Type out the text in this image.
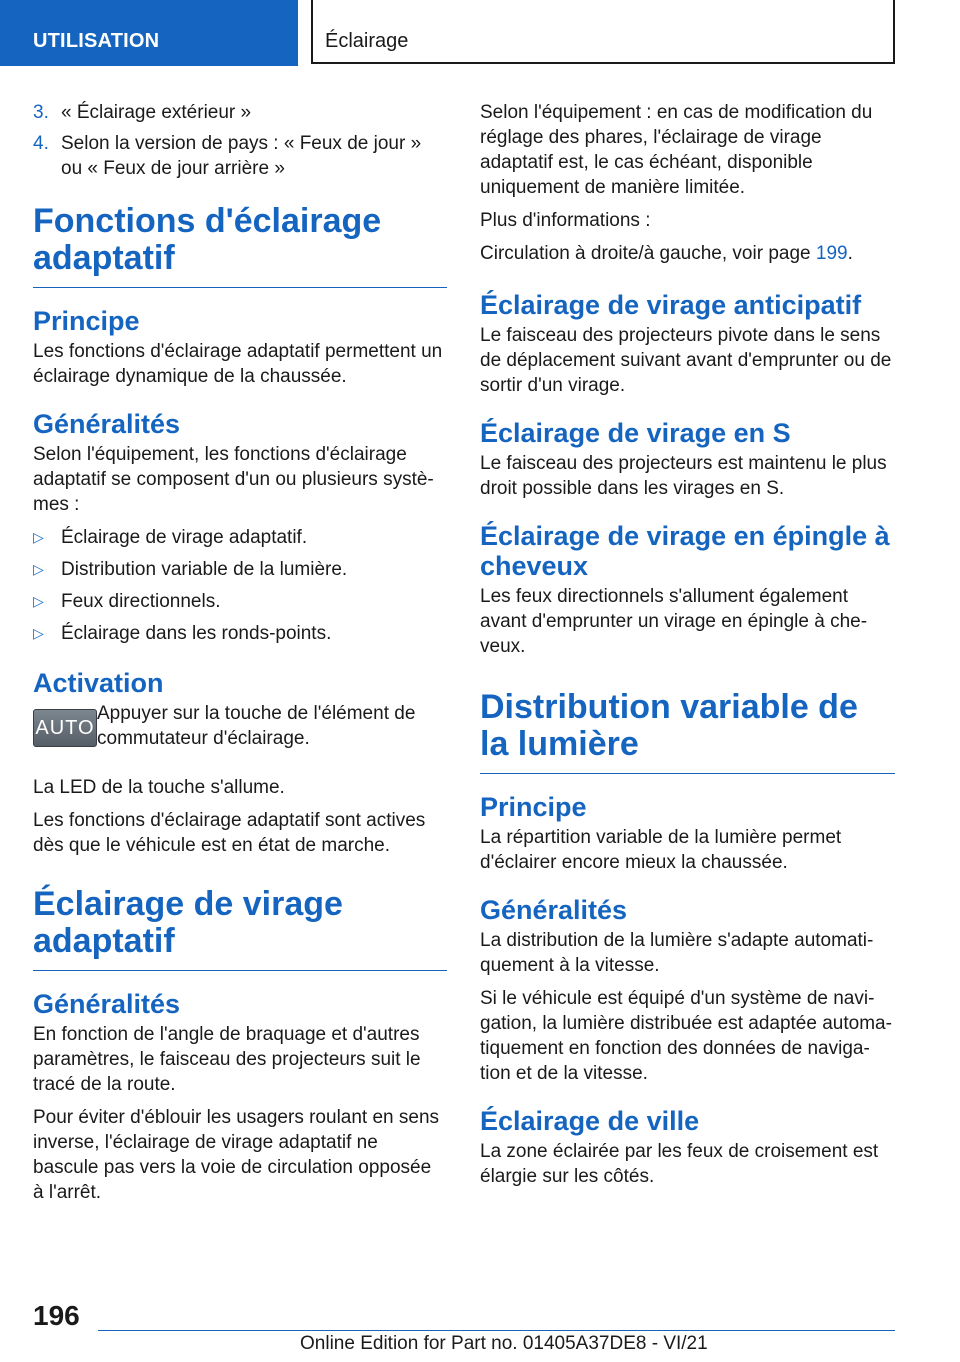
UTILISATION	Éclairage
3. « Éclairage extérieur »
4. Selon la version de pays : « Feux de jour » ou « Feux de jour arrière »
Fonctions d'éclairage adaptatif
Principe

Les fonctions d'éclairage adaptatif permettent un éclairage dynamique de la chaussée.

Généralités

Selon l'équipement, les fonctions d'éclairage adaptatif se composent d'un ou plusieurs systè‐ mes :

▷ Éclairage de virage adaptatif.
▷ Distribution variable de la lumière.
▷ Feux directionnels.
▷ Éclairage dans les ronds-points.
Activation
AUTO

Appuyer sur la touche de l'élément de commutateur d'éclairage.

La LED de la touche s'allume.

Les fonctions d'éclairage adaptatif sont actives dès que le véhicule est en état de marche.

Éclairage de virage adaptatif
Généralités

En fonction de l'angle de braquage et d'autres paramètres, le faisceau des projecteurs suit le tracé de la route.

Pour éviter d'éblouir les usagers roulant en sens inverse, l'éclairage de virage adaptatif ne bascule pas vers la voie de circulation opposée à l'arrêt.

Selon l'équipement : en cas de modification du réglage des phares, l'éclairage de virage adaptatif est, le cas échéant, disponible uniquement de manière limitée.

Plus d'informations :

Circulation à droite/à gauche, voir page 199.

Éclairage de virage anticipatif

Le faisceau des projecteurs pivote dans le sens de déplacement suivant avant d'emprunter ou de sortir d'un virage.

Éclairage de virage en S

Le faisceau des projecteurs est maintenu le plus droit possible dans les virages en S.

Éclairage de virage en épingle à cheveux

Les feux directionnels s'allument également avant d'emprunter un virage en épingle à che‐ veux.

Distribution variable de la lumière
Principe

La répartition variable de la lumière permet d'éclairer encore mieux la chaussée.

Généralités

La distribution de la lumière s'adapte automati‐ quement à la vitesse.

Si le véhicule est équipé d'un système de navi‐ gation, la lumière distribuée est adaptée automa‐ tiquement en fonction des données de naviga‐ tion et de la vitesse.

Éclairage de ville

La zone éclairée par les feux de croisement est élargie sur les côtés.

196
Online Edition for Part no. 01405A37DE8 - VI/21
